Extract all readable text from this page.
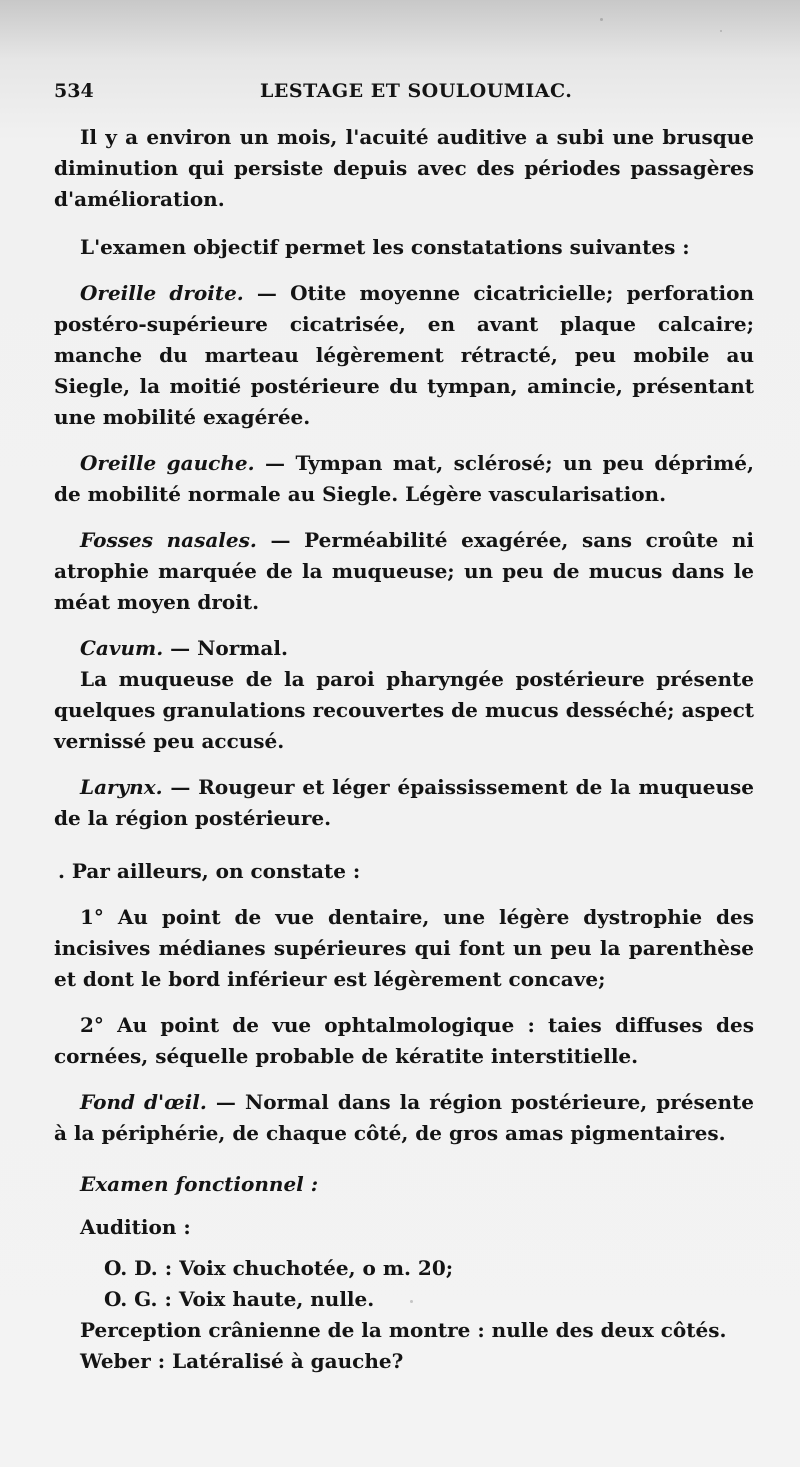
534	LESTAGE ET SOULOUMIAC.

Il y a environ un mois, l'acuité auditive a subi une brusque diminution qui persiste depuis avec des périodes passagères d'amélioration.

L'examen objectif permet les constatations suivantes :

Oreille droite. — Otite moyenne cicatricielle; perforation postéro-supérieure cicatrisée, en avant plaque calcaire; manche du marteau légèrement rétracté, peu mobile au Siegle, la moitié postérieure du tympan, amincie, présentant une mobilité exagérée.

Oreille gauche. — Tympan mat, sclérosé; un peu déprimé, de mobilité normale au Siegle. Légère vascularisation.

Fosses nasales. — Perméabilité exagérée, sans croûte ni atrophie marquée de la muqueuse; un peu de mucus dans le méat moyen droit.

Cavum. — Normal.

La muqueuse de la paroi pharyngée postérieure présente quelques granulations recouvertes de mucus desséché; aspect vernissé peu accusé.

Larynx. — Rougeur et léger épaississement de la muqueuse de la région postérieure.

. Par ailleurs, on constate :

1° Au point de vue dentaire, une légère dystrophie des incisives médianes supérieures qui font un peu la parenthèse et dont le bord inférieur est légèrement concave;

2° Au point de vue ophtalmologique : taies diffuses des cornées, séquelle probable de kératite interstitielle.

Fond d'œil. — Normal dans la région postérieure, présente à la périphérie, de chaque côté, de gros amas pigmentaires.

Examen fonctionnel :

Audition :

O. D. : Voix chuchotée, o m. 20;

O. G. : Voix haute, nulle.

Perception crânienne de la montre : nulle des deux côtés.

Weber : Latéralisé à gauche?
